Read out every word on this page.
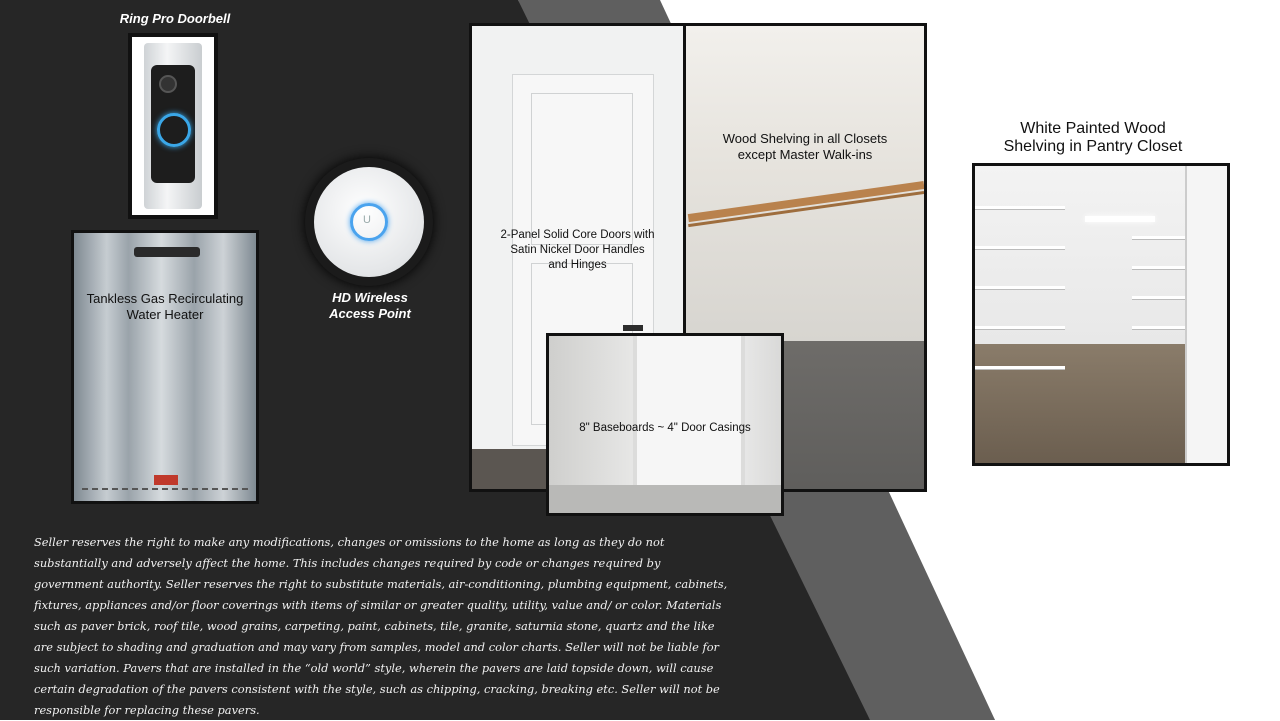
Ring Pro Doorbell
Tankless Gas Recirculating
Water Heater
U
HD Wireless
Access Point
2-Panel Solid Core Doors with
Satin Nickel Door Handles
and Hinges
Wood Shelving in all Closets
except Master Walk-ins
8" Baseboards ~ 4" Door Casings
White Painted Wood
Shelving in Pantry Closet
Seller reserves the right to make any modifications, changes or omissions to the home as long as they do not substantially and adversely affect the home. This includes changes required by code or changes required by government authority. Seller reserves the right to substitute materials, air-conditioning, plumbing equipment, cabinets, fixtures, appliances and/or floor coverings with items of similar or greater quality, utility, value and/ or color. Materials such as paver brick, roof tile, wood grains, carpeting, paint, cabinets, tile, granite, saturnia stone, quartz and the like are subject to shading and graduation and may vary from samples, model and color charts. Seller will not be liable for such variation. Pavers that are installed in the “old world” style, wherein the pavers are laid topside down, will cause certain degradation of the pavers consistent with the style, such as chipping, cracking, breaking etc. Seller will not be responsible for replacing these pavers.
